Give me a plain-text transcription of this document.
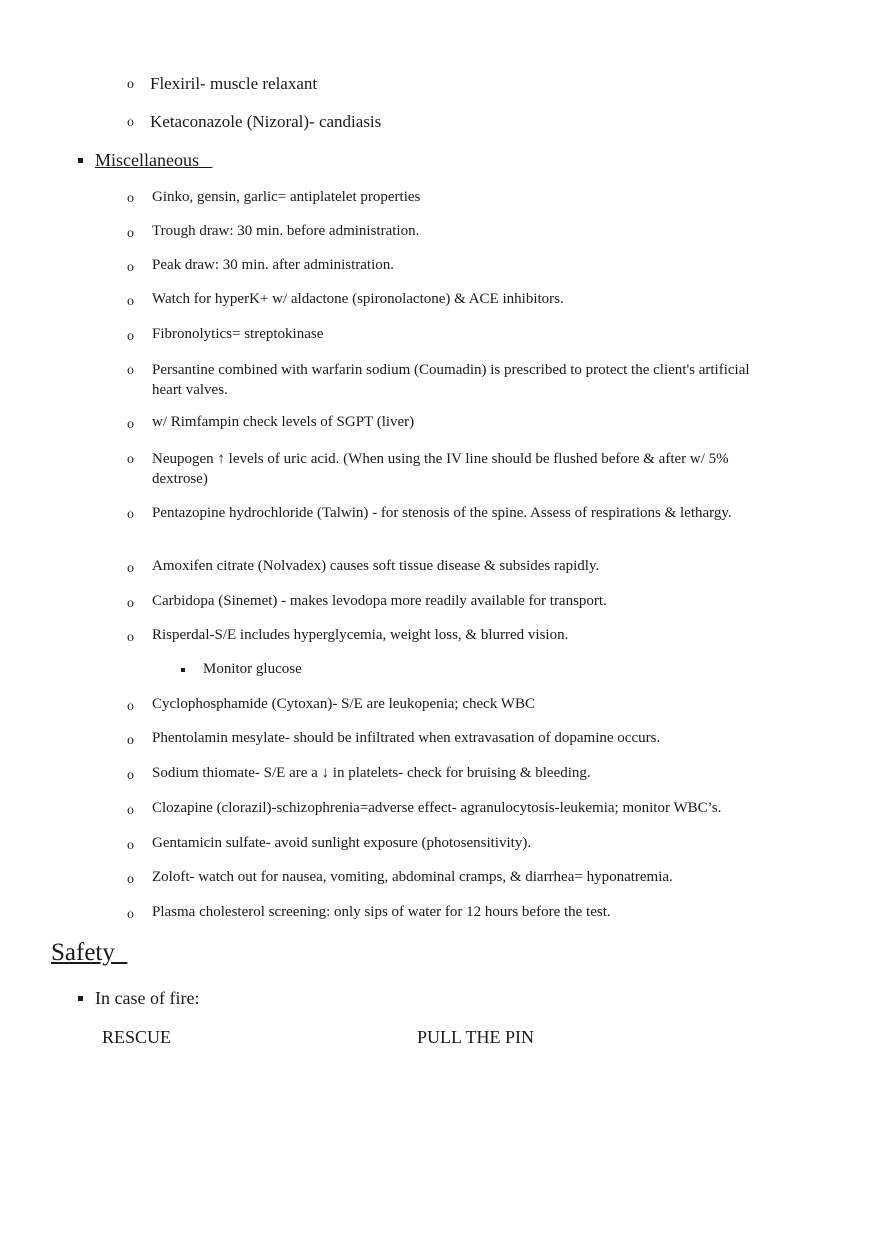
o Flexiril- muscle relaxant
o Ketaconazole (Nizoral)- candiasis
Miscellaneous
o Ginko, gensin, garlic= antiplatelet properties
o Trough draw: 30 min. before administration.
o Peak draw: 30 min. after administration.
o Watch for hyperK+ w/ aldactone (spironolactone) & ACE inhibitors.
o Fibronolytics= streptokinase
o Persantine combined with warfarin sodium (Coumadin) is prescribed to protect the client's artificial heart valves.
o w/ Rimfampin check levels of SGPT (liver)
o Neupogen ↑ levels of uric acid. (When using the IV line should be flushed before & after w/ 5% dextrose)
o Pentazopine hydrochloride (Talwin) - for stenosis of the spine. Assess of respirations & lethargy.
o Amoxifen citrate (Nolvadex) causes soft tissue disease & subsides rapidly.
o Carbidopa (Sinemet) - makes levodopa more readily available for transport.
o Risperdal-S/E includes hyperglycemia, weight loss, & blurred vision.
Monitor glucose
o Cyclophosphamide (Cytoxan)- S/E are leukopenia; check WBC
o Phentolamin mesylate- should be infiltrated when extravasation of dopamine occurs.
o Sodium thiomate- S/E are a ↓ in platelets- check for bruising & bleeding.
o Clozapine (clorazil)-schizophrenia=adverse effect- agranulocytosis-leukemia; monitor WBC’s.
o Gentamicin sulfate- avoid sunlight exposure (photosensitivity).
o Zoloft- watch out for nausea, vomiting, abdominal cramps, & diarrhea= hyponatremia.
o Plasma cholesterol screening: only sips of water for 12 hours before the test.
Safety
In case of fire:
RESCUE	PULL THE PIN
